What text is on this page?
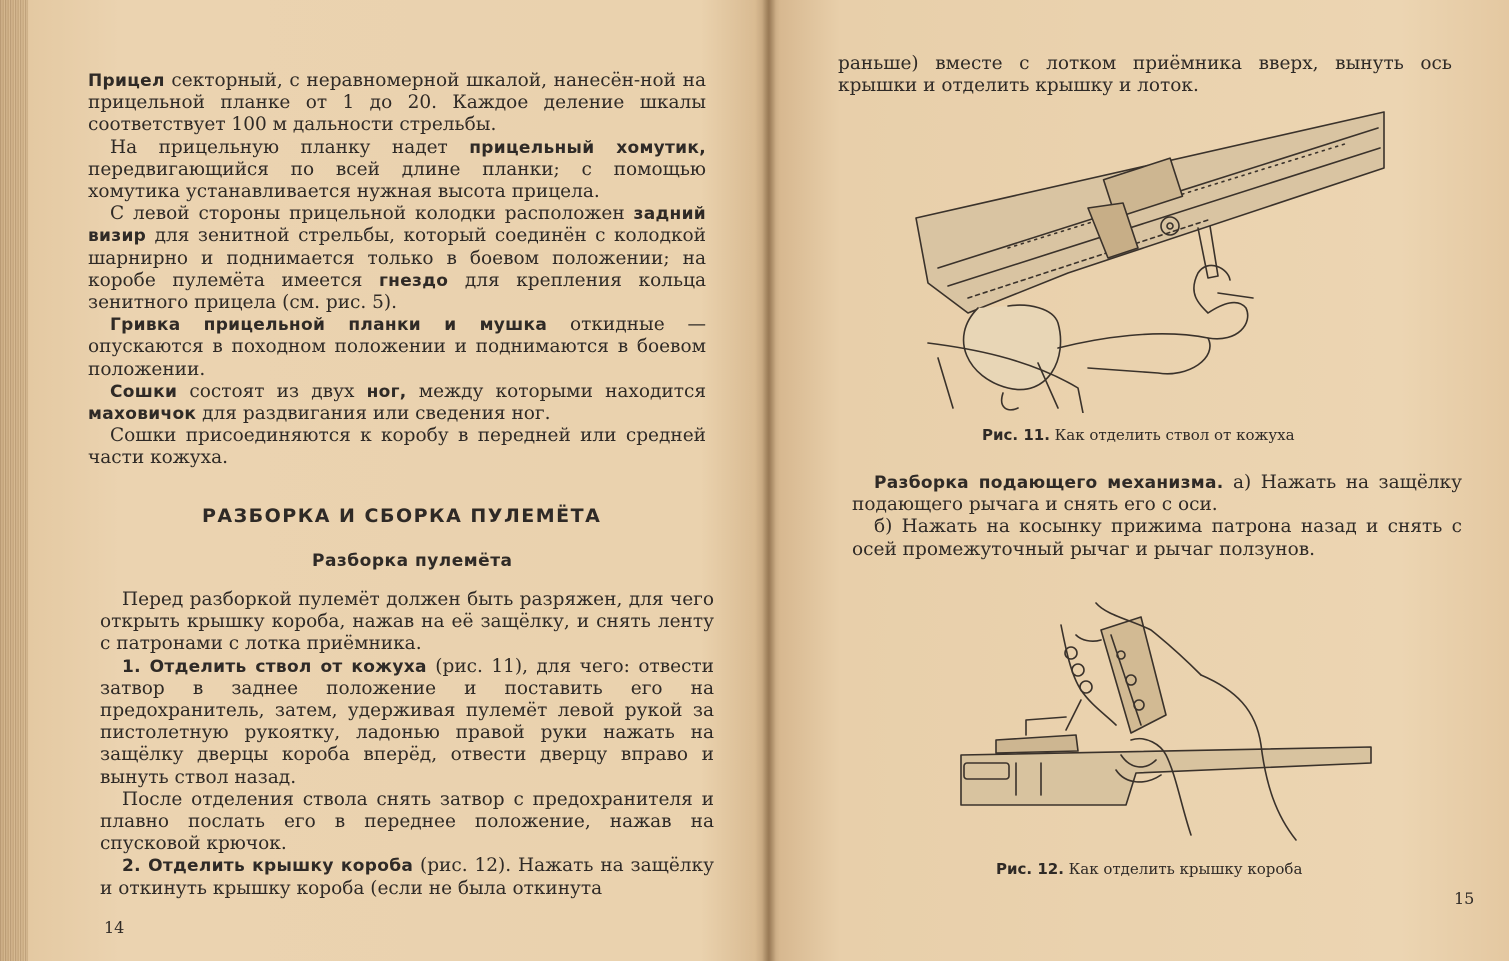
Прицел секторный, с неравномерной шкалой, нанесён-ной на прицельной планке от 1 до 20. Каждое деление шкалы соответствует 100 м дальности стрельбы.

На прицельную планку надет прицельный хомутик, передвигающийся по всей длине планки; с помощью хомутика устанавливается нужная высота прицела.

С левой стороны прицельной колодки расположен задний визир для зенитной стрельбы, который соединён с колодкой шарнирно и поднимается только в боевом положении; на коробе пулемёта имеется гнездо для крепления кольца зенитного прицела (см. рис. 5).

Гривка прицельной планки и мушка откидные — опускаются в походном положении и поднимаются в боевом положении.

Сошки состоят из двух ног, между которыми находится маховичок для раздвигания или сведения ног.

Сошки присоединяются к коробу в передней или средней части кожуха.

РАЗБОРКА И СБОРКА ПУЛЕМЁТА
Разборка пулемёта

Перед разборкой пулемёт должен быть разряжен, для чего открыть крышку короба, нажав на её защёлку, и снять ленту с патронами с лотка приёмника.

1. Отделить ствол от кожуха (рис. 11), для чего: отвести затвор в заднее положение и поставить его на предохранитель, затем, удерживая пулемёт левой рукой за пистолетную рукоятку, ладонью правой руки нажать на защёлку дверцы короба вперёд, отвести дверцу вправо и вынуть ствол назад.

После отделения ствола снять затвор с предохранителя и плавно послать его в переднее положение, нажав на спусковой крючок.

2. Отделить крышку короба (рис. 12). Нажать на защёлку и откинуть крышку короба (если не была откинута

14

раньше) вместе с лотком приёмника вверх, вынуть ось крышки и отделить крышку и лоток.

Рис. 11. Как отделить ствол от кожуха

Разборка подающего механизма. а) Нажать на защёлку подающего рычага и снять его с оси.

б) Нажать на косынку прижима патрона назад и снять с осей промежуточный рычаг и рычаг ползунов.

Рис. 12. Как отделить крышку короба
15
